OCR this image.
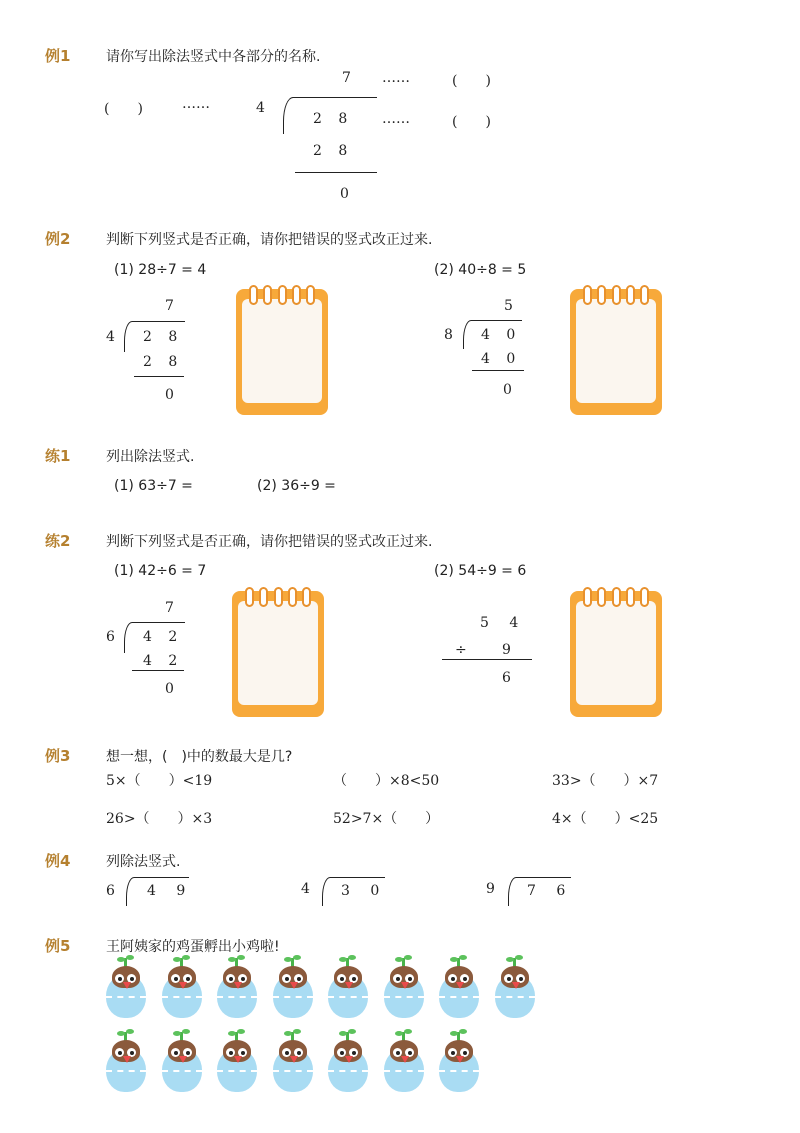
例1	请你写出除法竖式中各部分的名称.
7 ……	(　　)
(　　)	……	4
2 8 ……	(　　)
2 8
0
例2	判断下列竖式是否正确，请你把错误的竖式改正过来.
(1) 28÷7 = 4
7
4 2 8
2 8
0
(2) 40÷8 = 5
5
8 4 0
4 0
0
练1	列出除法竖式.
(1) 63÷7 =	(2) 36÷9 =
练2	判断下列竖式是否正确，请你把错误的竖式改正过来.
(1) 42÷6 = 7
7
6 4 2
4 2
0
(2) 54÷9 = 6
5 4
÷	9
6
例3	想一想，(　)中的数最大是几?
5×（　　）<19	（　　）×8<50	33>（　　）×7
26>（　　）×3	52>7×（　　）	4×（　　）<25
例4	列除法竖式.
6 4 9	4 3 0	9 7 6
例5	王阿姨家的鸡蛋孵出小鸡啦!
